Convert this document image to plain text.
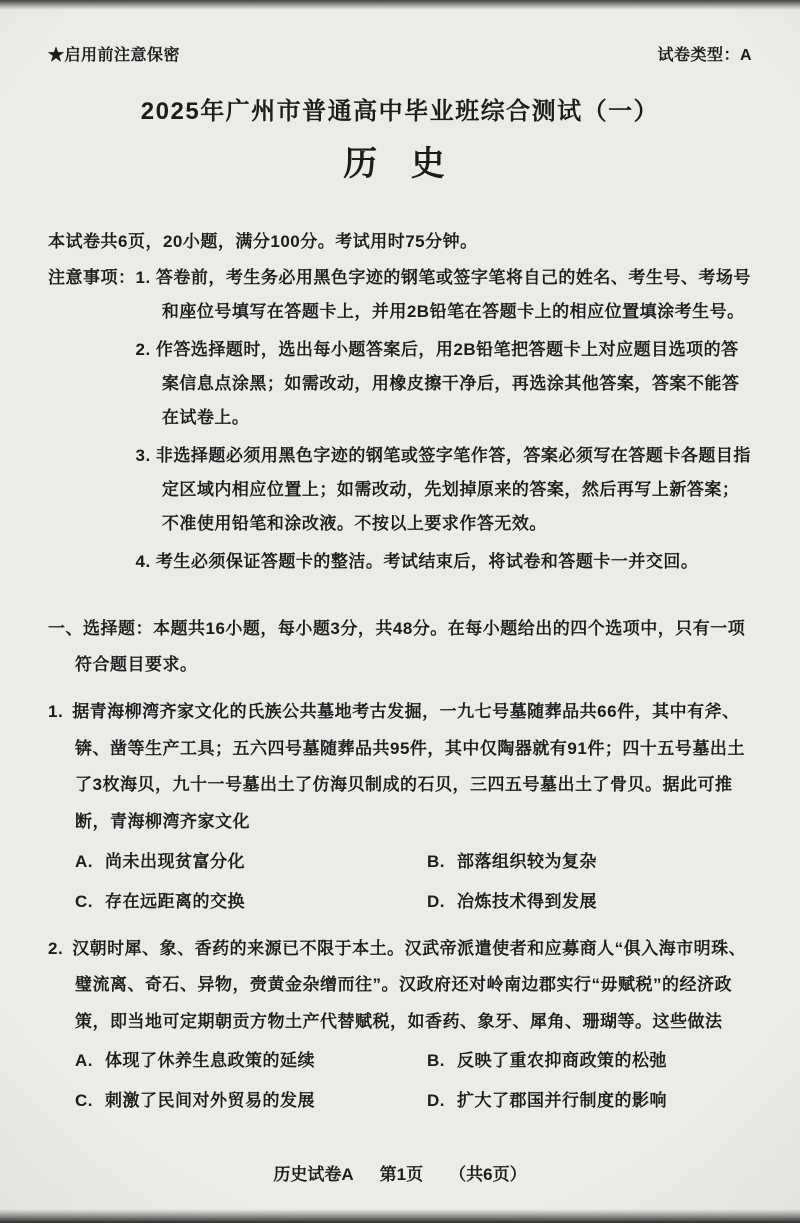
★启用前注意保密	试卷类型：A
2025年广州市普通高中毕业班综合测试（一）
历 史
本试卷共6页，20小题，满分100分。考试用时75分钟。
注意事项： 1. 答卷前，考生务必用黑色字迹的钢笔或签字笔将自己的姓名、考生号、考场号和座位号填写在答题卡上，并用2B铅笔在答题卡上的相应位置填涂考生号。
2. 作答选择题时，选出每小题答案后，用2B铅笔把答题卡上对应题目选项的答案信息点涂黑；如需改动，用橡皮擦干净后，再选涂其他答案，答案不能答在试卷上。
3. 非选择题必须用黑色字迹的钢笔或签字笔作答，答案必须写在答题卡各题目指定区域内相应位置上；如需改动，先划掉原来的答案，然后再写上新答案；不准使用铅笔和涂改液。不按以上要求作答无效。
4. 考生必须保证答题卡的整洁。考试结束后，将试卷和答题卡一并交回。
一、选择题：本题共16小题，每小题3分，共48分。在每小题给出的四个选项中，只有一项符合题目要求。

1. 据青海柳湾齐家文化的氏族公共墓地考古发掘，一九七号墓随葬品共66件，其中有斧、锛、凿等生产工具；五六四号墓随葬品共95件，其中仅陶器就有91件；四十五号墓出土了3枚海贝，九十一号墓出土了仿海贝制成的石贝，三四五号墓出土了骨贝。据此可推断，青海柳湾齐家文化

A. 尚未出现贫富分化	B. 部落组织较为复杂
C. 存在远距离的交换	D. 冶炼技术得到发展

2. 汉朝时犀、象、香药的来源已不限于本土。汉武帝派遣使者和应募商人“俱入海市明珠、璧流离、奇石、异物，赍黄金杂缯而往”。汉政府还对岭南边郡实行“毋赋税”的经济政策，即当地可定期朝贡方物土产代替赋税，如香药、象牙、犀角、珊瑚等。这些做法

A. 体现了休养生息政策的延续	B. 反映了重农抑商政策的松弛
C. 刺激了民间对外贸易的发展	D. 扩大了郡国并行制度的影响
历史试卷A 第1页 （共6页）
